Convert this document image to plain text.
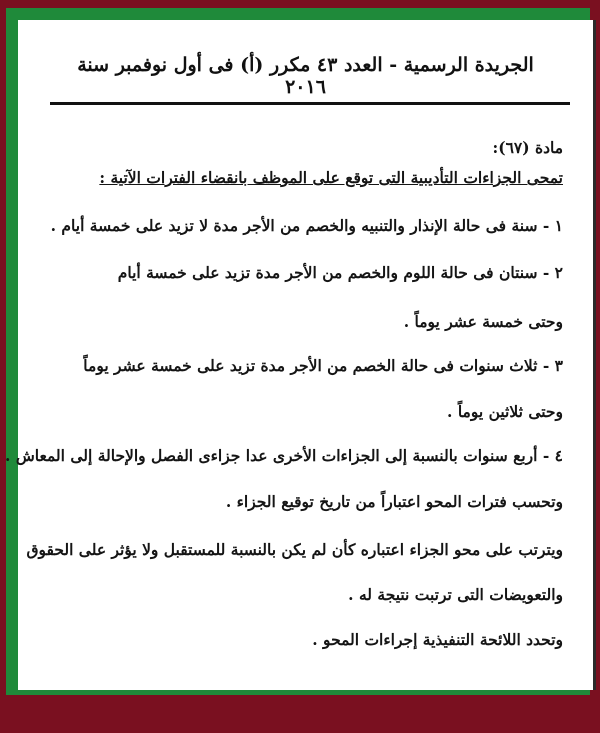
الجريدة الرسمية - العدد ٤٣ مكرر (أ) فى أول نوفمبر سنة ٢٠١٦
مادة (٦٧):
تمحى الجزاءات التأديبية التى توقع على الموظف بانقضاء الفترات الآتية :
١ - سنة فى حالة الإنذار والتنبيه والخصم من الأجر مدة لا تزيد على خمسة أيام .
٢ - سنتان فى حالة اللوم والخصم من الأجر مدة تزيد على خمسة أيام
وحتى خمسة عشر يوماً .
٣ - ثلاث سنوات فى حالة الخصم من الأجر مدة تزيد على خمسة عشر يوماً
وحتى ثلاثين يوماً .
٤ - أربع سنوات بالنسبة إلى الجزاءات الأخرى عدا جزاءى الفصل والإحالة إلى المعاش .
وتحسب فترات المحو اعتباراً من تاريخ توقيع الجزاء .
ويترتب على محو الجزاء اعتباره كأن لم يكن بالنسبة للمستقبل ولا يؤثر على الحقوق
والتعويضات التى ترتبت نتيجة له .
وتحدد اللائحة التنفيذية إجراءات المحو .
